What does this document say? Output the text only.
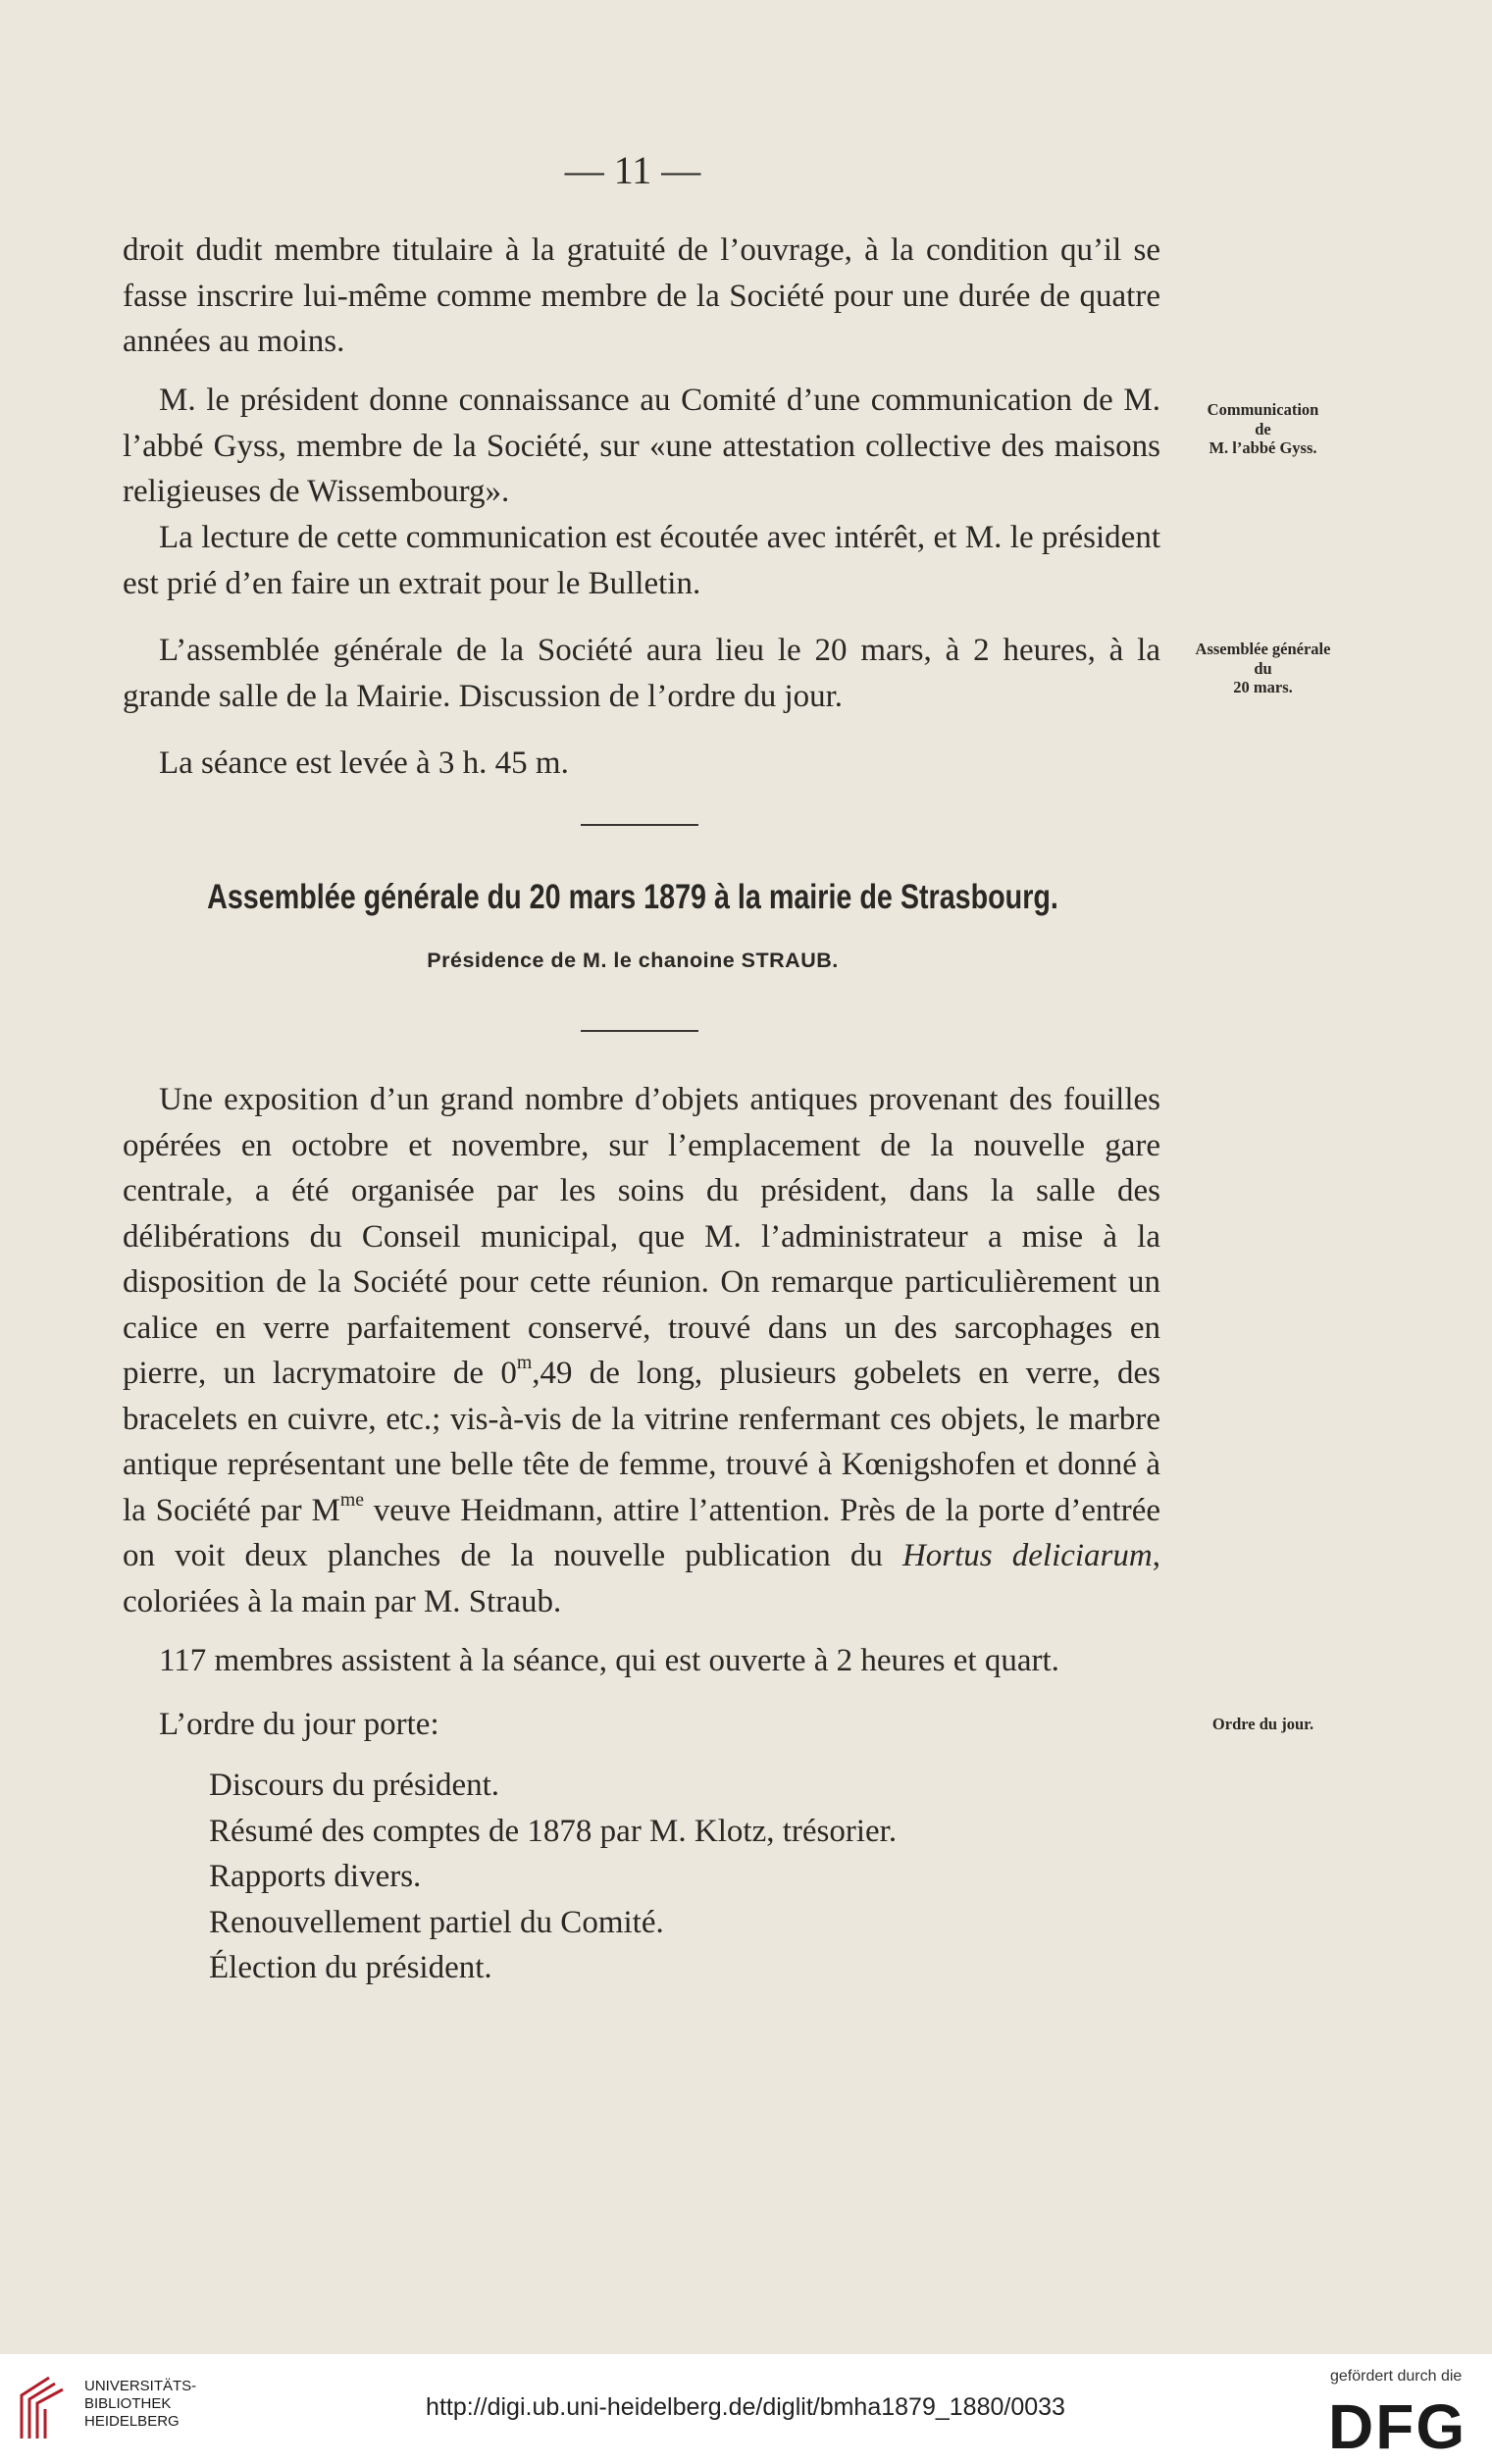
— 11 —

droit dudit membre titulaire à la gratuité de l’ouvrage, à la condition qu’il se fasse inscrire lui-même comme membre de la Société pour une durée de quatre années au moins.

M. le président donne connaissance au Comité d’une communication de M. l’abbé Gyss, membre de la Société, sur «une attestation collective des maisons religieuses de Wissembourg».

La lecture de cette communication est écoutée avec intérêt, et M. le président est prié d’en faire un extrait pour le Bulletin.

L’assemblée générale de la Société aura lieu le 20 mars, à 2 heures, à la grande salle de la Mairie. Discussion de l’ordre du jour.

La séance est levée à 3 h. 45 m.

Communication
de
M. l’abbé Gyss.
Assemblée générale
du
20 mars.
Assemblée générale du 20 mars 1879 à la mairie de Strasbourg.
Présidence de M. le chanoine STRAUB.

Une exposition d’un grand nombre d’objets antiques provenant des fouilles opérées en octobre et novembre, sur l’emplacement de la nouvelle gare centrale, a été organisée par les soins du président, dans la salle des délibérations du Conseil municipal, que M. l’administrateur a mise à la disposition de la Société pour cette réunion. On remarque particulièrement un calice en verre parfaitement conservé, trouvé dans un des sarcophages en pierre, un lacrymatoire de 0$^m$,49 de long, plusieurs gobelets en verre, des bracelets en cuivre, etc.; vis-à-vis de la vitrine renfermant ces objets, le marbre antique représentant une belle tête de femme, trouvé à Kœnigshofen et donné à la Société par $M^{me}$ veuve Heidmann, attire l’attention. Près de la porte d’entrée on voit deux planches de la nouvelle publication du Hortus deliciarum, coloriées à la main par M. Straub.

117 membres assistent à la séance, qui est ouverte à 2 heures et quart.

L’ordre du jour porte:	Ordre du jour.
Discours du président.
Résumé des comptes de 1878 par M. Klotz, trésorier.
Rapports divers.
Renouvellement partiel du Comité.
Élection du président.
UNIVERSITÄTS-
BIBLIOTHEK
HEIDELBERG
http://digi.ub.uni-heidelberg.de/diglit/bmha1879_1880/0033
gefördert durch die
DFG
